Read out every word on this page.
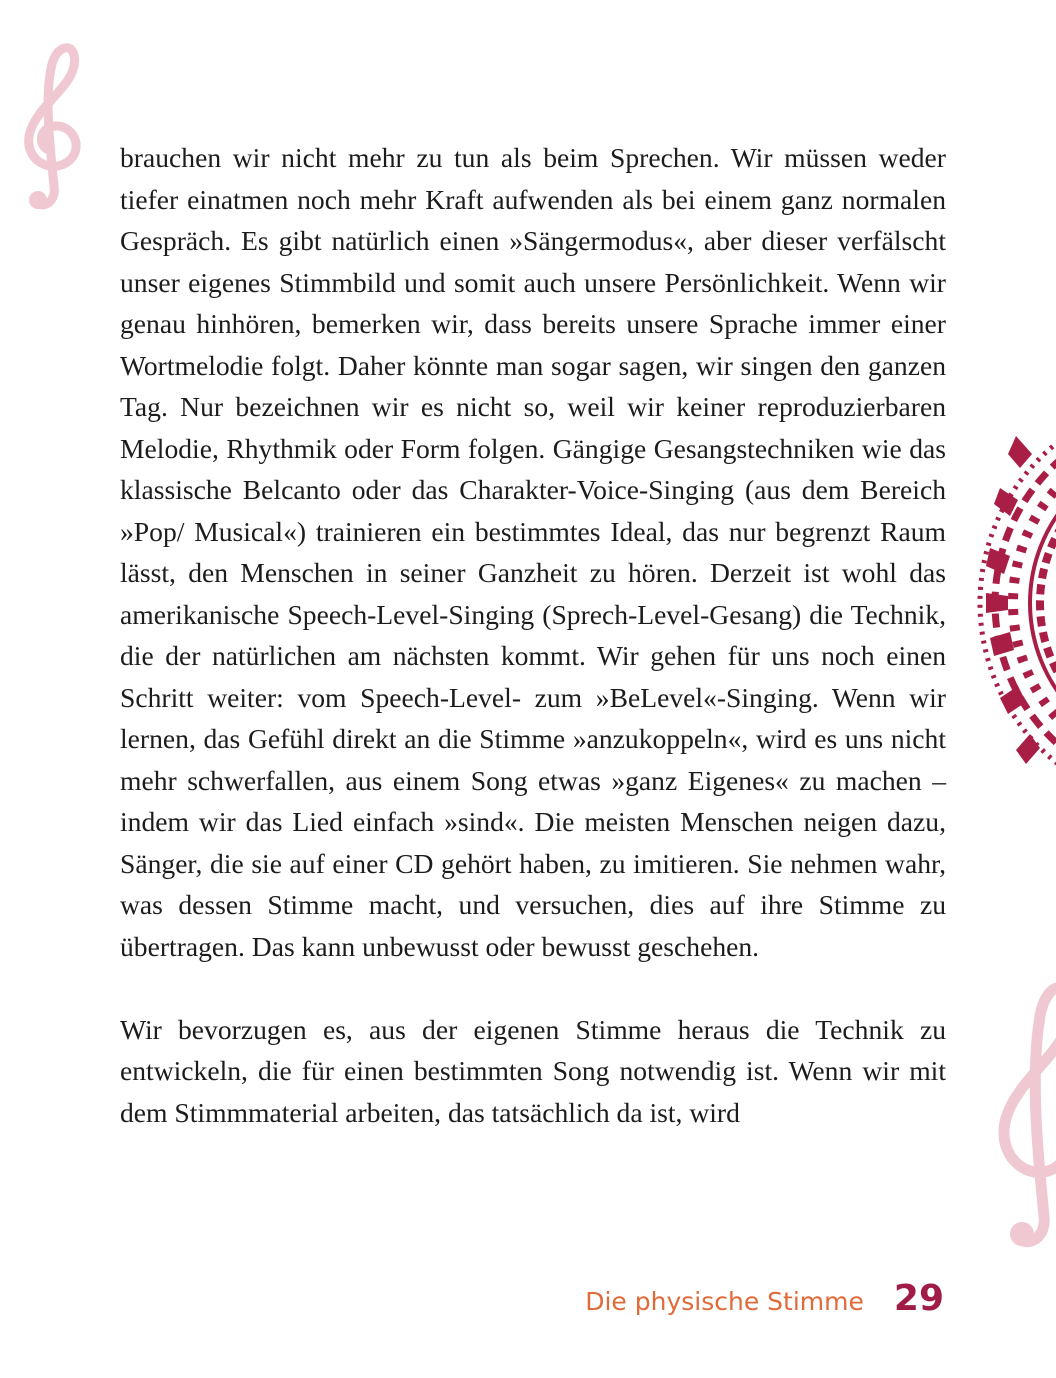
brauchen wir nicht mehr zu tun als beim Sprechen. Wir müssen weder tiefer einatmen noch mehr Kraft aufwenden als bei einem ganz normalen Gespräch. Es gibt natürlich einen »Sängermodus«, aber dieser verfälscht unser eigenes Stimmbild und somit auch unsere Persönlichkeit. Wenn wir genau hinhören, bemerken wir, dass bereits unsere Sprache immer einer Wortmelodie folgt. Daher könnte man sogar sagen, wir singen den ganzen Tag. Nur bezeichnen wir es nicht so, weil wir keiner reproduzierbaren Melodie, Rhythmik oder Form folgen. Gängige Gesangstechniken wie das klassische Belcanto oder das Charakter-Voice-Singing (aus dem Bereich »Pop/ Musical«) trainieren ein bestimmtes Ideal, das nur begrenzt Raum lässt, den Menschen in seiner Ganzheit zu hören. Derzeit ist wohl das amerikanische Speech-Level-Singing (Sprech-Level-Gesang) die Technik, die der natürlichen am nächsten kommt. Wir gehen für uns noch einen Schritt weiter: vom Speech-Level- zum »BeLevel«-Singing. Wenn wir lernen, das Gefühl direkt an die Stimme »anzukoppeln«, wird es uns nicht mehr schwerfallen, aus einem Song etwas »ganz Eigenes« zu machen – indem wir das Lied einfach »sind«. Die meisten Menschen neigen dazu, Sänger, die sie auf einer CD gehört haben, zu imitieren. Sie nehmen wahr, was dessen Stimme macht, und versuchen, dies auf ihre Stimme zu übertragen. Das kann unbewusst oder bewusst geschehen.

Wir bevorzugen es, aus der eigenen Stimme heraus die Technik zu entwickeln, die für einen bestimmten Song notwendig ist. Wenn wir mit dem Stimmmaterial arbeiten, das tatsächlich da ist, wird

Die physische Stimme 29
